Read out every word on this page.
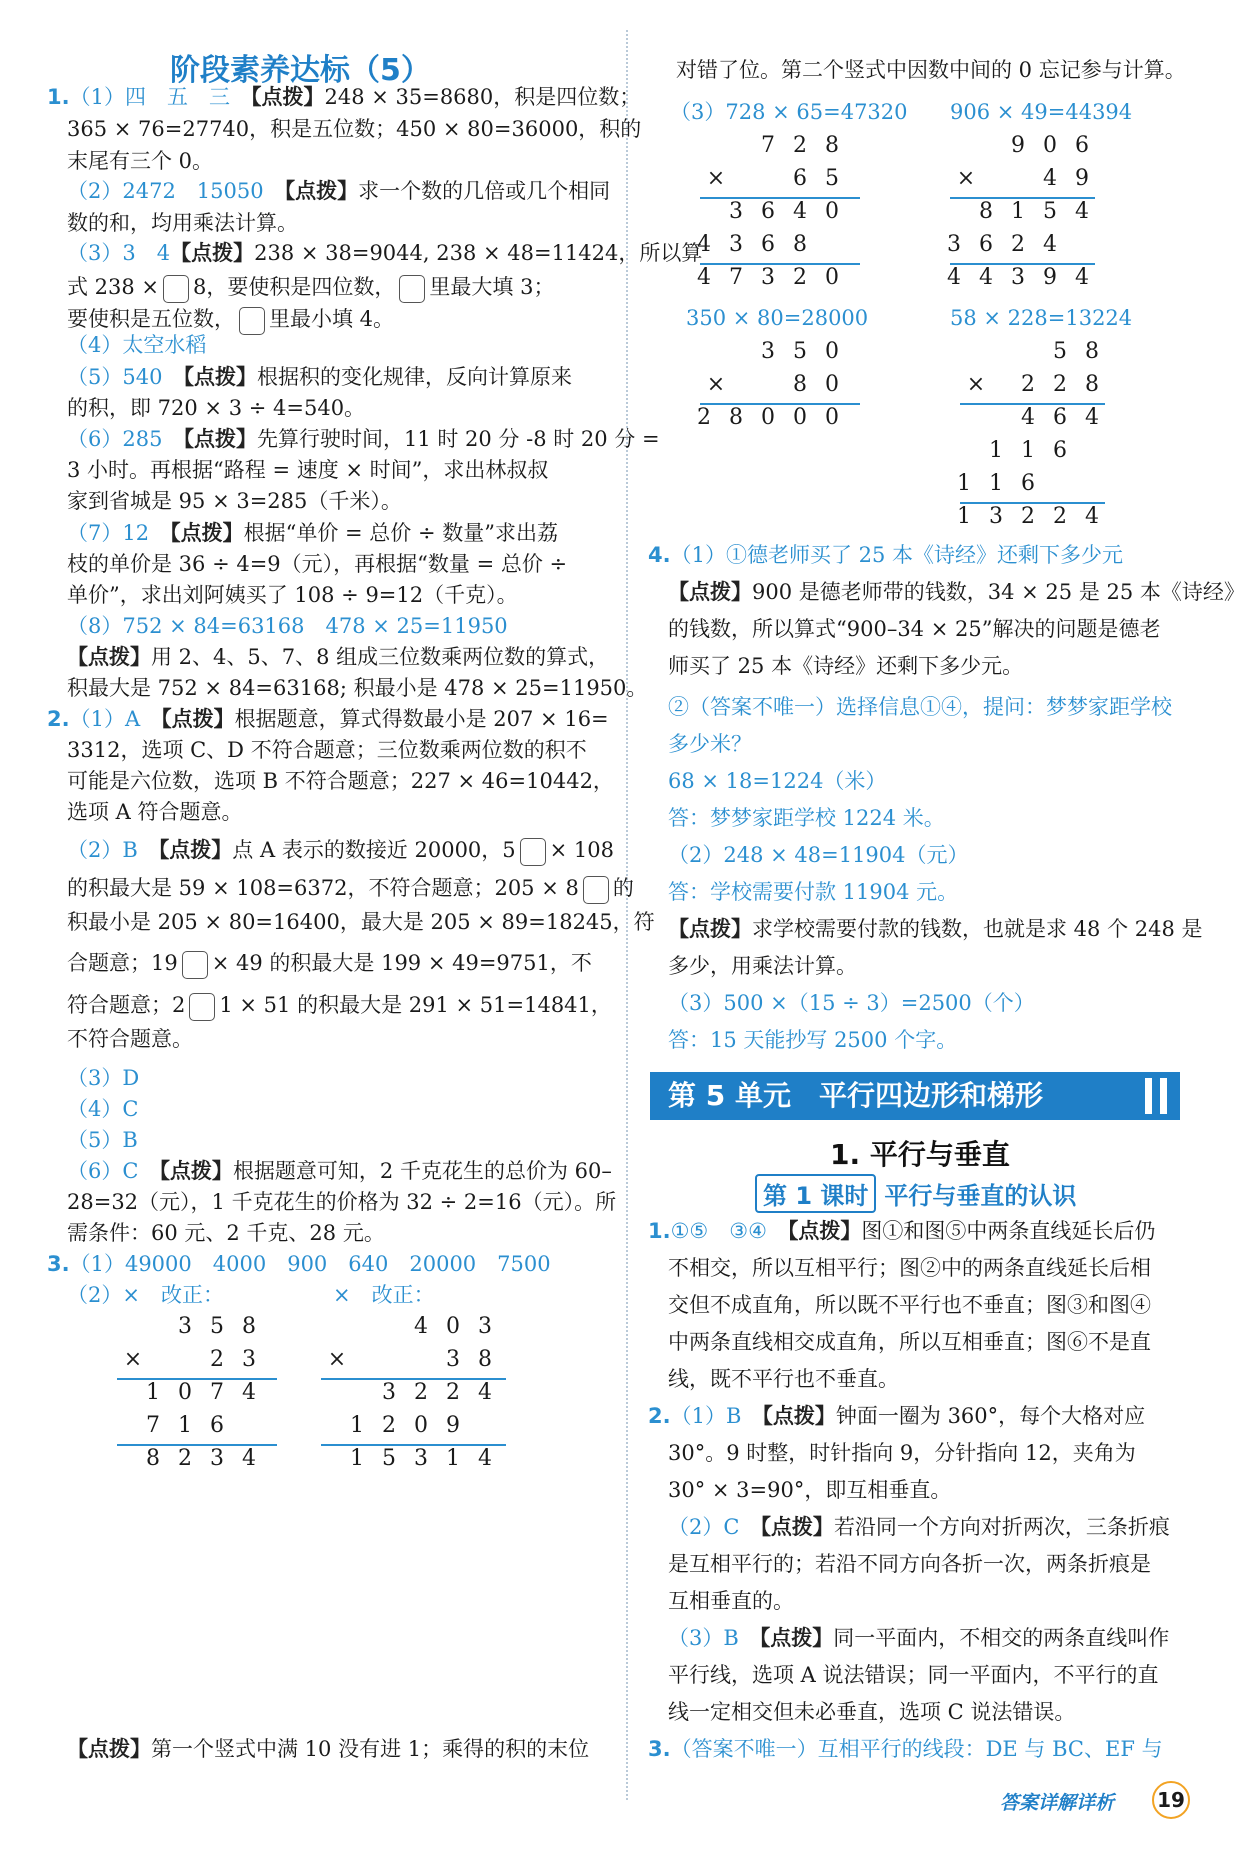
阶段素养达标（5）
1.（1）四　五　三　 【点拨】248 × 35=8680，积是四位数；
365 × 76=27740，积是五位数；450 × 80=36000，积的
末尾有三个 0。
（2）2472　15050　 【点拨】求一个数的几倍或几个相同
数的和，均用乘法计算。
（3）3　4【点拨】238 × 38=9044, 238 × 48=11424，所以算
式 238 × 8，要使积是四位数， 里最大填 3；
要使积是五位数， 里最小填 4。
（4）太空水稻
（5）540　 【点拨】根据积的变化规律，反向计算原来
的积，即 720 × 3 ÷ 4=540。
（6）285　 【点拨】先算行驶时间，11 时 20 分 -8 时 20 分 =
3 小时。再根据“路程 = 速度 × 时间”，求出林叔叔
家到省城是 95 × 3=285（千米）。
（7）12　 【点拨】根据“单价 = 总价 ÷ 数量”求出荔
枝的单价是 36 ÷ 4=9（元），再根据“数量 = 总价 ÷
单价”，求出刘阿姨买了 108 ÷ 9=12（千克）。
（8）752 × 84=63168　478 × 25=11950
【点拨】用 2、4、5、7、8 组成三位数乘两位数的算式，
积最大是 752 × 84=63168; 积最小是 478 × 25=11950。
2.（1）A　 【点拨】根据题意，算式得数最小是 207 × 16=
3312，选项 C、D 不符合题意；三位数乘两位数的积不
可能是六位数，选项 B 不符合题意；227 × 46=10442，
选项 A 符合题意。
（2）B　 【点拨】点 A 表示的数接近 20000，5 × 108
的积最大是 59 × 108=6372，不符合题意；205 × 8 的
积最小是 205 × 80=16400，最大是 205 × 89=18245，符
合题意；19 × 49 的积最大是 199 × 49=9751，不
符合题意；2 1 × 51 的积最大是 291 × 51=14841，
不符合题意。
（3）D
（4）C
（5）B
（6）C　 【点拨】根据题意可知，2 千克花生的总价为 60–
28=32（元），1 千克花生的价格为 32 ÷ 2=16（元）。所
需条件：60 元、2 千克、28 元。
3.（1）49000　4000　900　640　20000　7500
（2）×　改正：	×　改正：
3 5 8
×	2 3
1 0 7 4
7 1 6
8 2 3 4
4 0 3
×	3 8
3 2 2 4
1 2 0 9
1 5 3 1 4
【点拨】第一个竖式中满 10 没有进 1；乘得的积的末位
对错了位。第二个竖式中因数中间的 0 忘记参与计算。
（3）728 × 65=47320 906 × 49=44394
7 2 8
×	6 5
3 6 4 0
4 3 6 8
4 7 3 2 0
9 0 6
×	4 9
8 1 5 4
3 6 2 4
4 4 3 9 4
350 × 80=28000	58 × 228=13224
3 5 0
×	8 0
2 8 0 0 0
5 8
×	2 2 8
4 6 4
1 1 6
1 1 6
1 3 2 2 4
4.（1）①德老师买了 25 本《诗经》还剩下多少元
【点拨】900 是德老师带的钱数，34 × 25 是 25 本《诗经》
的钱数，所以算式“900–34 × 25”解决的问题是德老
师买了 25 本《诗经》还剩下多少元。
②（答案不唯一）选择信息①④，提问：梦梦家距学校
多少米？
68 × 18=1224（米）
答：梦梦家距学校 1224 米。
（2）248 × 48=11904（元）
答：学校需要付款 11904 元。
【点拨】求学校需要付款的钱数，也就是求 48 个 248 是
多少，用乘法计算。
（3）500 ×（15 ÷ 3）=2500（个）
答：15 天能抄写 2500 个字。
第 5 单元　平行四边形和梯形
1. 平行与垂直
第 1 课时 平行与垂直的认识
1.①⑤　③④　 【点拨】图①和图⑤中两条直线延长后仍
不相交，所以互相平行；图②中的两条直线延长后相
交但不成直角，所以既不平行也不垂直；图③和图④
中两条直线相交成直角，所以互相垂直；图⑥不是直
线，既不平行也不垂直。
2.（1）B　 【点拨】钟面一圈为 360°，每个大格对应
30°。9 时整，时针指向 9，分针指向 12，夹角为
30° × 3=90°，即互相垂直。
（2）C　 【点拨】若沿同一个方向对折两次，三条折痕
是互相平行的；若沿不同方向各折一次，两条折痕是
互相垂直的。
（3）B　 【点拨】同一平面内，不相交的两条直线叫作
平行线，选项 A 说法错误；同一平面内，不平行的直
线一定相交但未必垂直，选项 C 说法错误。
3.（答案不唯一）互相平行的线段：DE 与 BC、EF 与
答案详解详析 19
